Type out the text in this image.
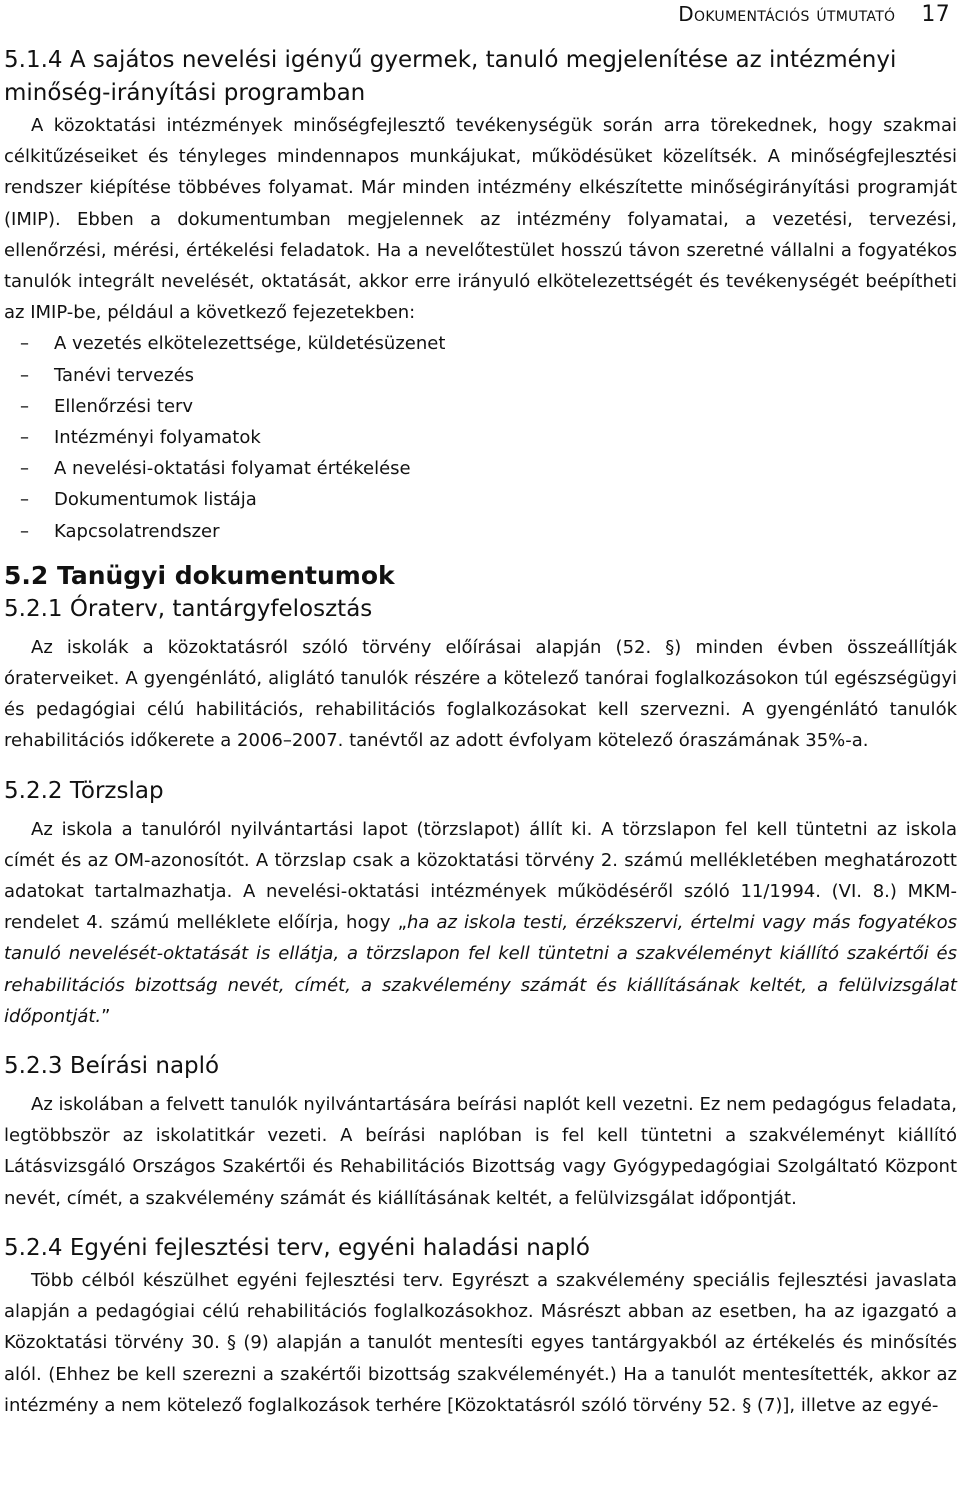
Dokumentációs útmutató 17
5.1.4 A sajátos nevelési igényű gyermek, tanuló megjelenítése az intézményi minőség-irányítási programban

A közoktatási intézmények minőségfejlesztő tevékenységük során arra törekednek, hogy szakmai célkitűzéseiket és tényleges mindennapos munkájukat, működésüket közelítsék. A minőségfejlesztési rendszer kiépítése többéves folyamat. Már minden intézmény elkészítette minőségirányítási programját (IMIP). Ebben a dokumentumban megjelennek az intézmény folyamatai, a vezetési, tervezési, ellenőrzési, mérési, értékelési feladatok. Ha a nevelőtestület hosszú távon szeretné vállalni a fogyatékos tanulók integrált nevelését, oktatását, akkor erre irányuló elkötelezettségét és tevékenységét beépítheti az IMIP-be, például a következő fejezetekben:

– A vezetés elkötelezettsége, küldetésüzenet
– Tanévi tervezés
– Ellenőrzési terv
– Intézményi folyamatok
– A nevelési-oktatási folyamat értékelése
– Dokumentumok listája
– Kapcsolatrendszer
5.2 Tanügyi dokumentumok
5.2.1 Óraterv, tantárgyfelosztás

Az iskolák a közoktatásról szóló törvény előírásai alapján (52. §) minden évben összeállítják óraterveiket. A gyengénlátó, aliglátó tanulók részére a kötelező tanórai foglalkozásokon túl egészségügyi és pedagógiai célú habilitációs, rehabilitációs foglalkozásokat kell szervezni. A gyengénlátó tanulók rehabilitációs időkerete a 2006–2007. tanévtől az adott évfolyam kötelező óraszámának 35%-a.

5.2.2 Törzslap

Az iskola a tanulóról nyilvántartási lapot (törzslapot) állít ki. A törzslapon fel kell tüntetni az iskola címét és az OM-azonosítót. A törzslap csak a közoktatási törvény 2. számú mellékletében meghatározott adatokat tartalmazhatja. A nevelési-oktatási intézmények működéséről szóló 11/1994. (VI. 8.) MKM-rendelet 4. számú melléklete előírja, hogy „ha az iskola testi, érzékszervi, értelmi vagy más fogyatékos tanuló nevelését-oktatását is ellátja, a törzslapon fel kell tüntetni a szakvéleményt kiállító szakértői és rehabilitációs bizottság nevét, címét, a szakvélemény számát és kiállításának keltét, a felülvizsgálat időpontját.”

5.2.3 Beírási napló

Az iskolában a felvett tanulók nyilvántartására beírási naplót kell vezetni. Ez nem pedagógus feladata, legtöbbször az iskolatitkár vezeti. A beírási naplóban is fel kell tüntetni a szakvéleményt kiállító Látásvizsgáló Országos Szakértői és Rehabilitációs Bizottság vagy Gyógypedagógiai Szolgáltató Központ nevét, címét, a szakvélemény számát és kiállításának keltét, a felülvizsgálat időpontját.

5.2.4 Egyéni fejlesztési terv, egyéni haladási napló

Több célból készülhet egyéni fejlesztési terv. Egyrészt a szakvélemény speciális fejlesztési javaslata alapján a pedagógiai célú rehabilitációs foglalkozásokhoz. Másrészt abban az esetben, ha az igazgató a Közoktatási törvény 30. § (9) alapján a tanulót mentesíti egyes tantárgyakból az értékelés és minősítés alól. (Ehhez be kell szerezni a szakértői bizottság szakvéleményét.) Ha a tanulót mentesítették, akkor az intézmény a nem kötelező foglalkozások terhére [Közoktatásról szóló törvény 52. § (7)], illetve az egyé-
